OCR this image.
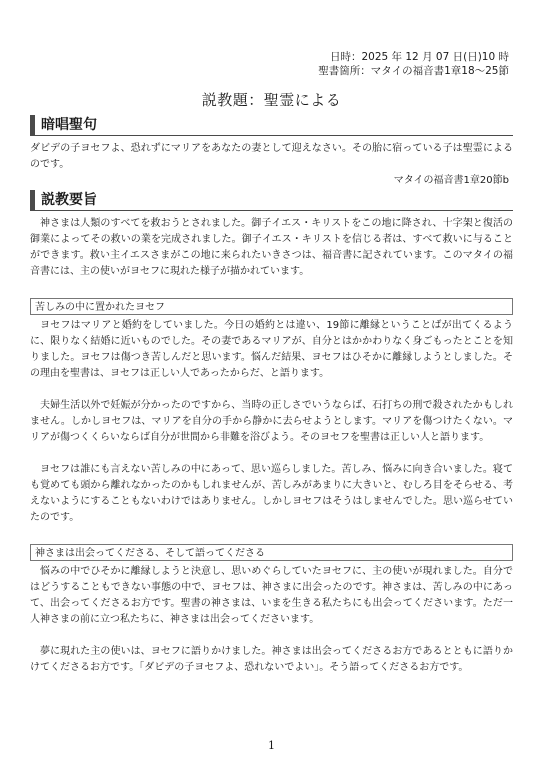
日時：2025 年 12 月 07 日(日)10 時
聖書箇所：マタイの福音書1章18～25節
説教題：聖霊による
暗唱聖句

ダビデの子ヨセフよ、恐れずにマリアをあなたの妻として迎えなさい。その胎に宿っている子は聖霊によるのです。

マタイの福音書1章20節b
説教要旨

神さまは人類のすべてを救おうとされました。御子イエス・キリストをこの地に降され、十字架と復活の御業によってその救いの業を完成されました。御子イエス・キリストを信じる者は、すべて救いに与ることができます。救い主イエスさまがこの地に来られたいきさつは、福音書に記されています。このマタイの福音書には、主の使いがヨセフに現れた様子が描かれています。

苦しみの中に置かれたヨセフ

ヨセフはマリアと婚約をしていました。今日の婚約とは違い、19節に離縁ということばが出てくるように、限りなく結婚に近いものでした。その妻であるマリアが、自分とはかかわりなく身ごもったとことを知りました。ヨセフは傷つき苦しんだと思います。悩んだ結果、ヨセフはひそかに離縁しようとしました。その理由を聖書は、ヨセフは正しい人であったからだ、と語ります。

夫婦生活以外で妊娠が分かったのですから、当時の正しさでいうならば、石打ちの刑で殺されたかもしれません。しかしヨセフは、マリアを自分の手から静かに去らせようとします。マリアを傷つけたくない。マリアが傷つくくらいならば自分が世間から非難を浴びよう。そのヨセフを聖書は正しい人と語ります。

ヨセフは誰にも言えない苦しみの中にあって、思い巡らしました。苦しみ、悩みに向き合いました。寝ても覚めても頭から離れなかったのかもしれませんが、苦しみがあまりに大きいと、むしろ目をそらせる、考えないようにすることもないわけではありません。しかしヨセフはそうはしませんでした。思い巡らせていたのです。

神さまは出会ってくださる、そして語ってくださる

悩みの中でひそかに離縁しようと決意し、思いめぐらしていたヨセフに、主の使いが現れました。自分ではどうすることもできない事態の中で、ヨセフは、神さまに出会ったのです。神さまは、苦しみの中にあって、出会ってくださるお方です。聖書の神さまは、いまを生きる私たちにも出会ってくださいます。ただ一人神さまの前に立つ私たちに、神さまは出会ってくださいます。

夢に現れた主の使いは、ヨセフに語りかけました。神さまは出会ってくださるお方であるとともに語りかけてくださるお方です。「ダビデの子ヨセフよ、恐れないでよい」。そう語ってくださるお方です。

1
